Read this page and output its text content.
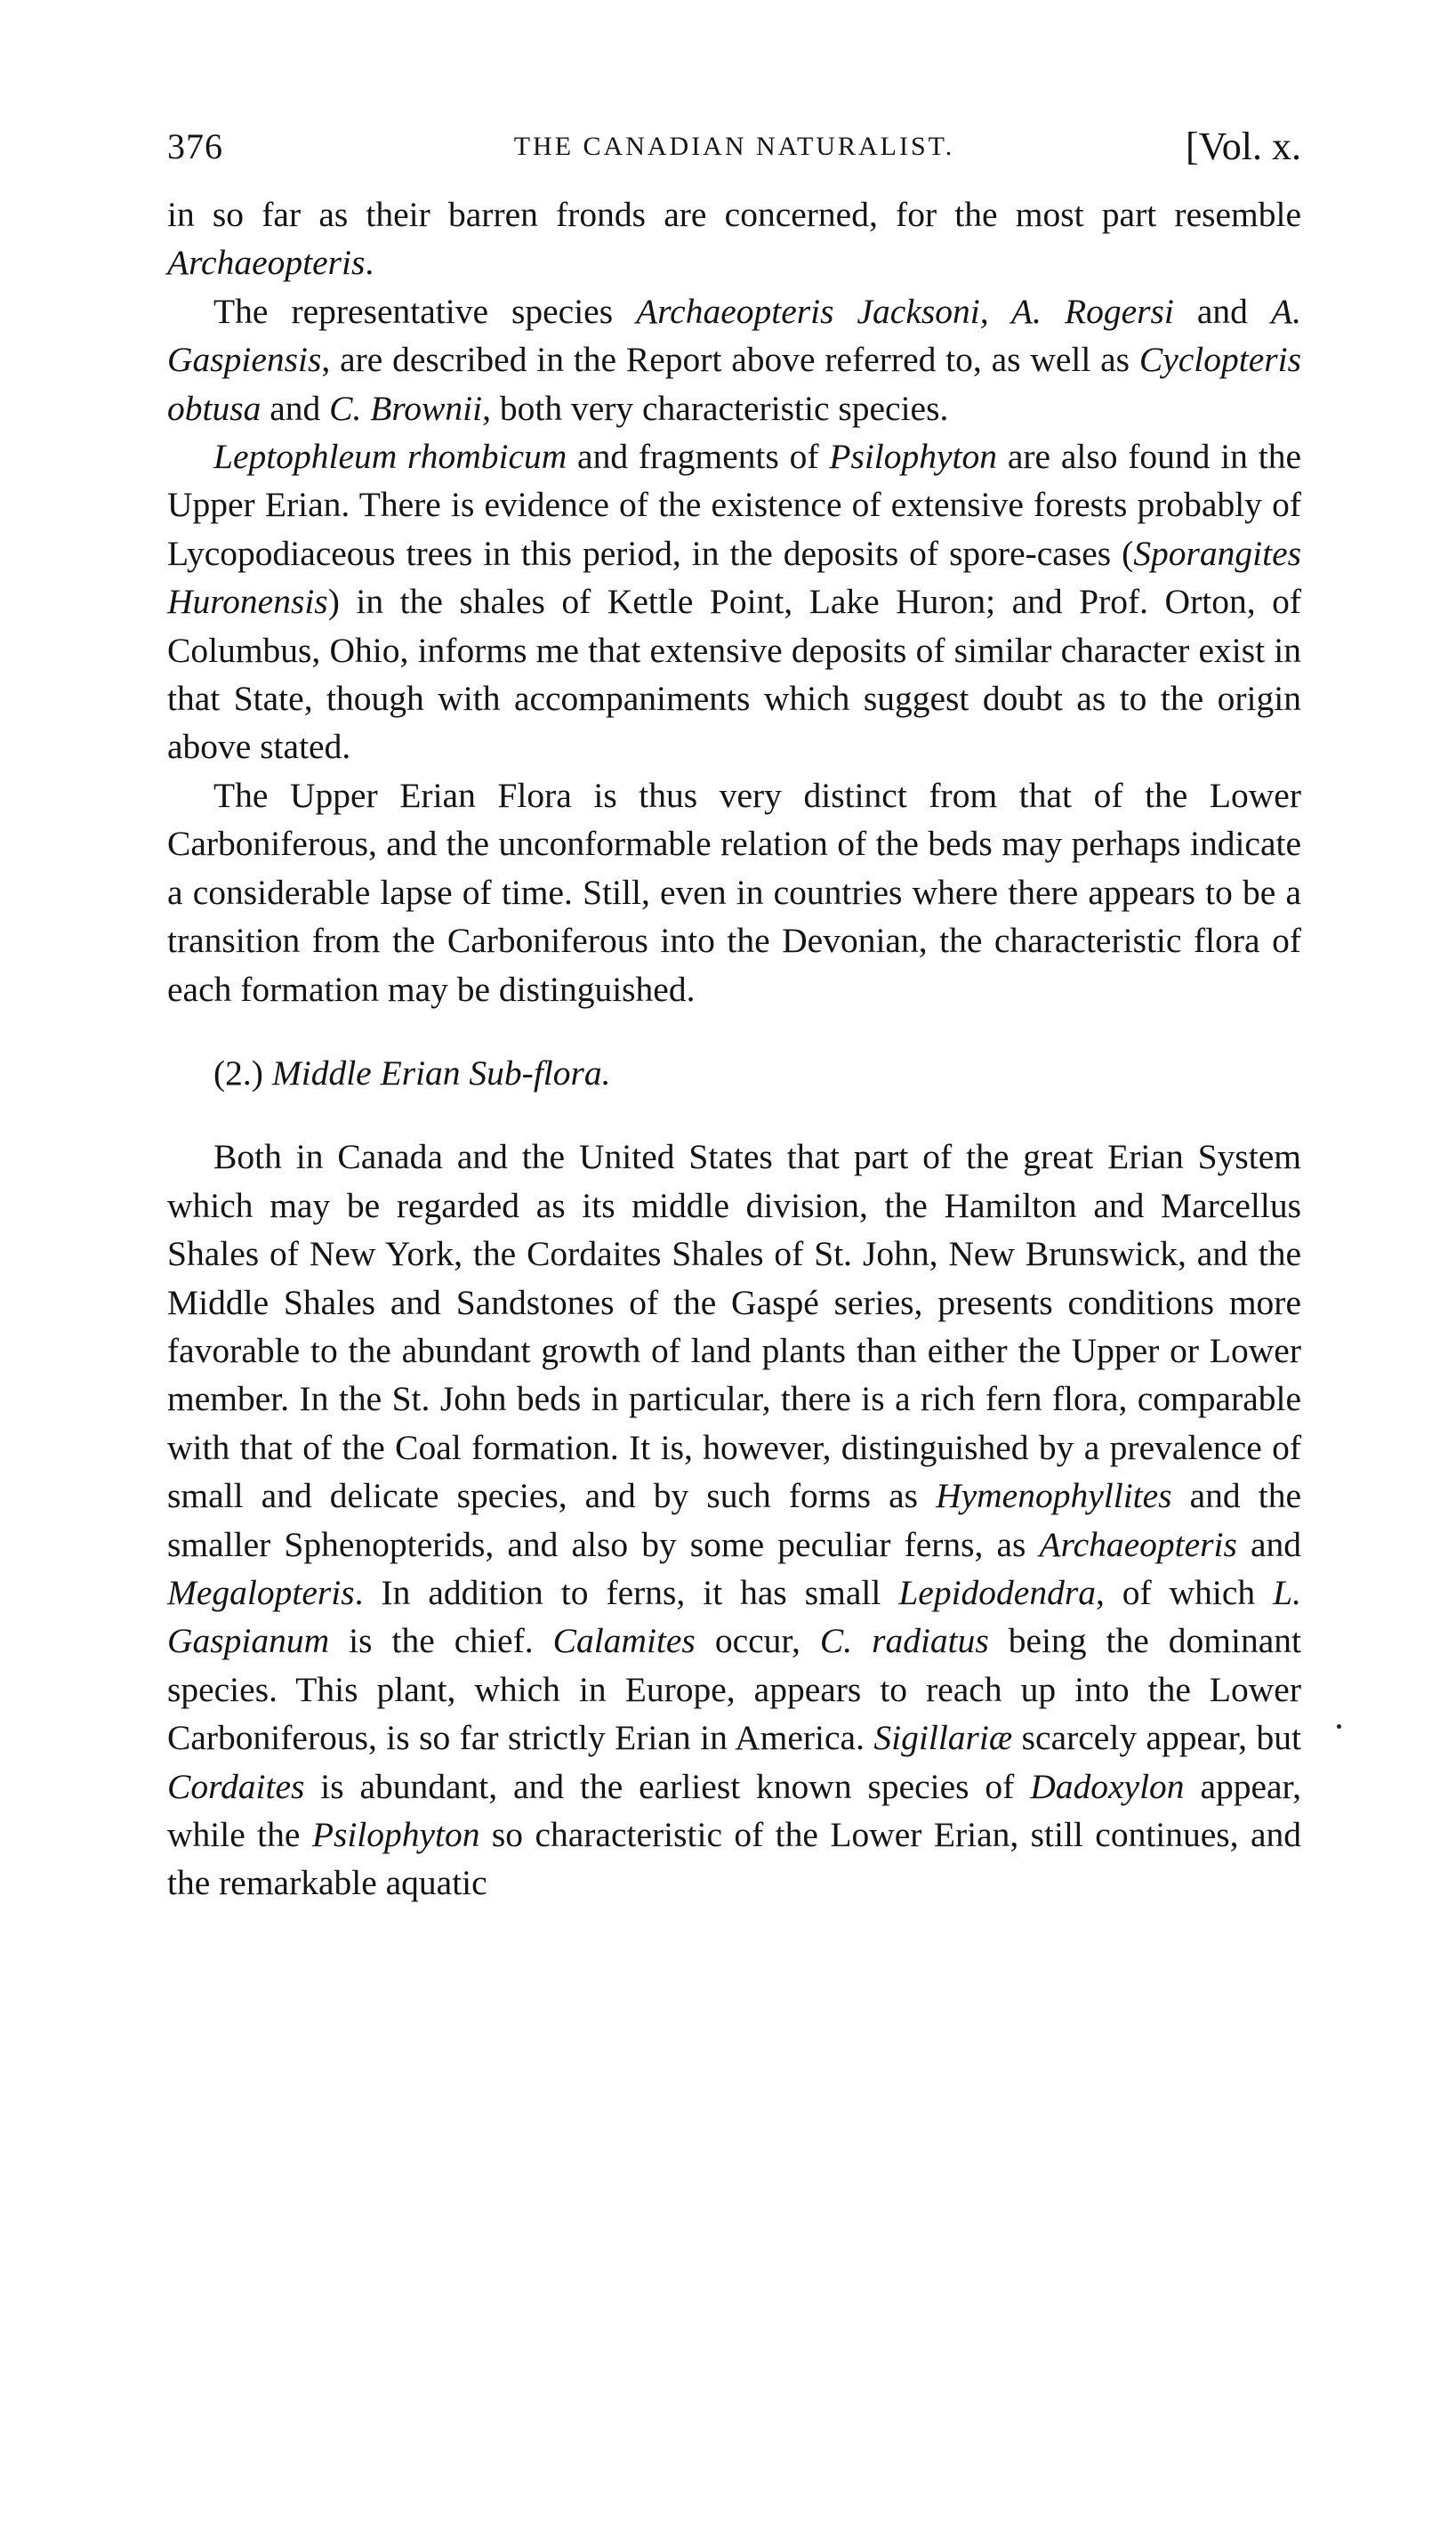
376	THE CANADIAN NATURALIST.	[Vol. x.

in so far as their barren fronds are concerned, for the most part resemble Archaeopteris.

The representative species Archaeopteris Jacksoni, A. Rogersi and A. Gaspiensis, are described in the Report above referred to, as well as Cyclopteris obtusa and C. Brownii, both very characteristic species.

Leptophleum rhombicum and fragments of Psilophyton are also found in the Upper Erian. There is evidence of the existence of extensive forests probably of Lycopodiaceous trees in this period, in the deposits of spore-cases (Sporangites Huronensis) in the shales of Kettle Point, Lake Huron; and Prof. Orton, of Columbus, Ohio, informs me that extensive deposits of similar character exist in that State, though with accompaniments which suggest doubt as to the origin above stated.

The Upper Erian Flora is thus very distinct from that of the Lower Carboniferous, and the unconformable relation of the beds may perhaps indicate a considerable lapse of time. Still, even in countries where there appears to be a transition from the Carboniferous into the Devonian, the characteristic flora of each formation may be distinguished.

(2.) Middle Erian Sub-flora.

Both in Canada and the United States that part of the great Erian System which may be regarded as its middle division, the Hamilton and Marcellus Shales of New York, the Cordaites Shales of St. John, New Brunswick, and the Middle Shales and Sandstones of the Gaspé series, presents conditions more favorable to the abundant growth of land plants than either the Upper or Lower member. In the St. John beds in particular, there is a rich fern flora, comparable with that of the Coal formation. It is, however, distinguished by a prevalence of small and delicate species, and by such forms as Hymenophyllites and the smaller Sphenopterids, and also by some peculiar ferns, as Archaeopteris and Megalopteris. In addition to ferns, it has small Lepidodendra, of which L. Gaspianum is the chief. Calamites occur, C. radiatus being the dominant species. This plant, which in Europe, appears to reach up into the Lower Carboniferous, is so far strictly Erian in America. Sigillariæ scarcely appear, but Cordaites is abundant, and the earliest known species of Dadoxylon appear, while the Psilophyton so characteristic of the Lower Erian, still continues, and the remarkable aquatic
